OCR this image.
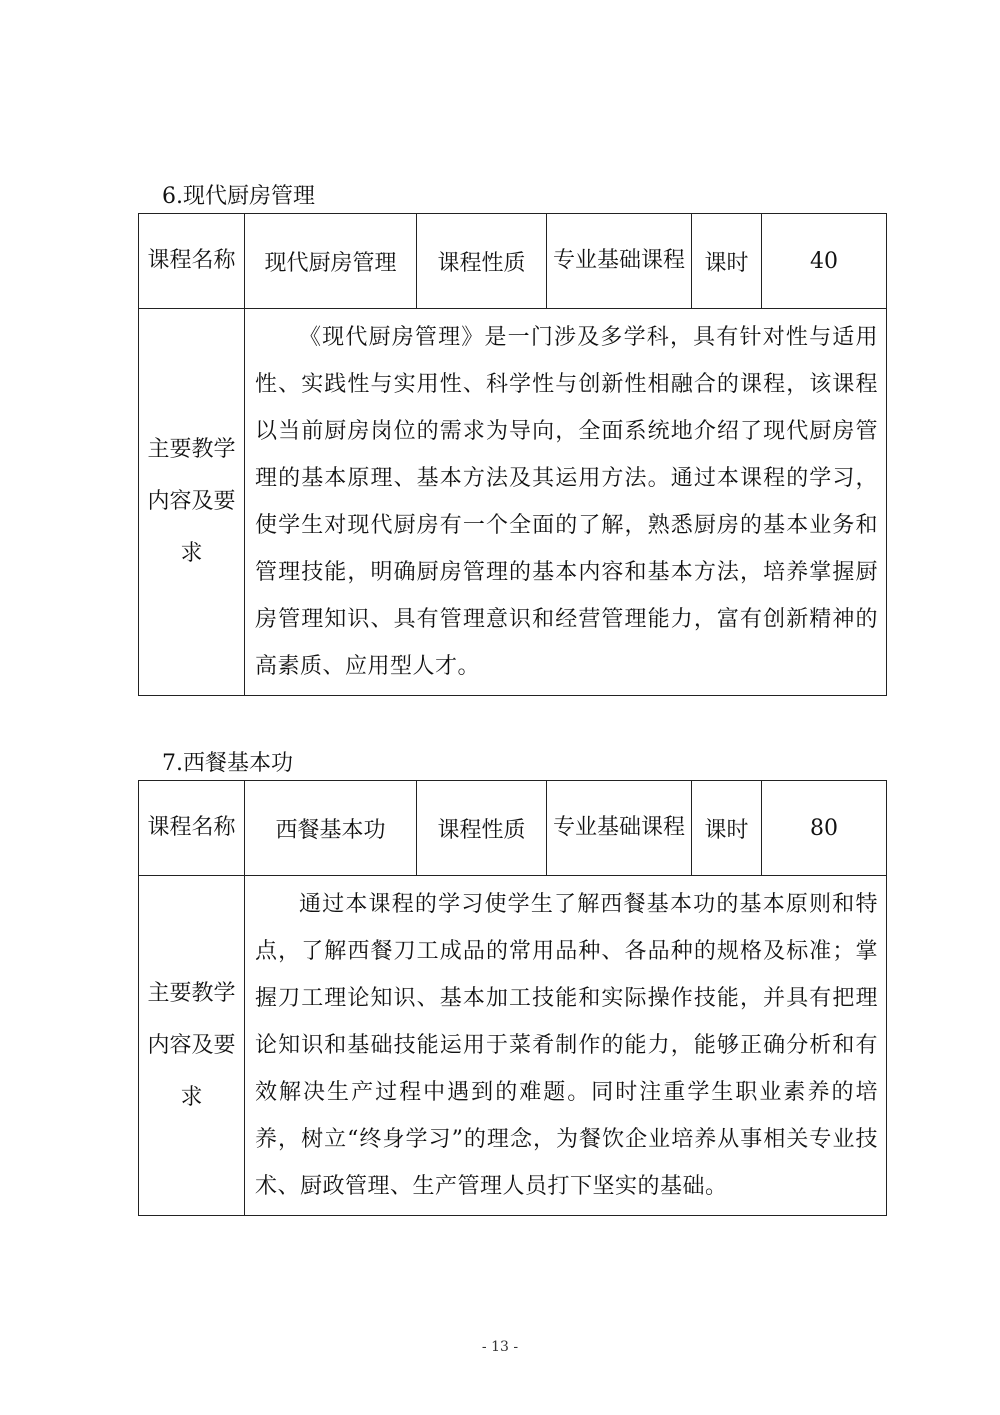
6.现代厨房管理
课程名称	现代厨房管理	课程性质	专业基础课程	课时	40
主要教学内容及要求	《现代厨房管理》是一门涉及多学科，具有针对性与适用性、实践性与实用性、科学性与创新性相融合的课程，该课程以当前厨房岗位的需求为导向，全面系统地介绍了现代厨房管理的基本原理、基本方法及其运用方法。通过本课程的学习，使学生对现代厨房有一个全面的了解，熟悉厨房的基本业务和管理技能，明确厨房管理的基本内容和基本方法，培养掌握厨房管理知识、具有管理意识和经营管理能力，富有创新精神的高素质、应用型人才。				

7.西餐基本功
课程名称	西餐基本功	课程性质	专业基础课程	课时	80
主要教学内容及要求	通过本课程的学习使学生了解西餐基本功的基本原则和特点，了解西餐刀工成品的常用品种、各品种的规格及标准；掌握刀工理论知识、基本加工技能和实际操作技能，并具有把理论知识和基础技能运用于菜肴制作的能力，能够正确分析和有效解决生产过程中遇到的难题。同时注重学生职业素养的培养，树立“终身学习”的理念，为餐饮企业培养从事相关专业技术、厨政管理、生产管理人员打下坚实的基础。				

- 13 -
